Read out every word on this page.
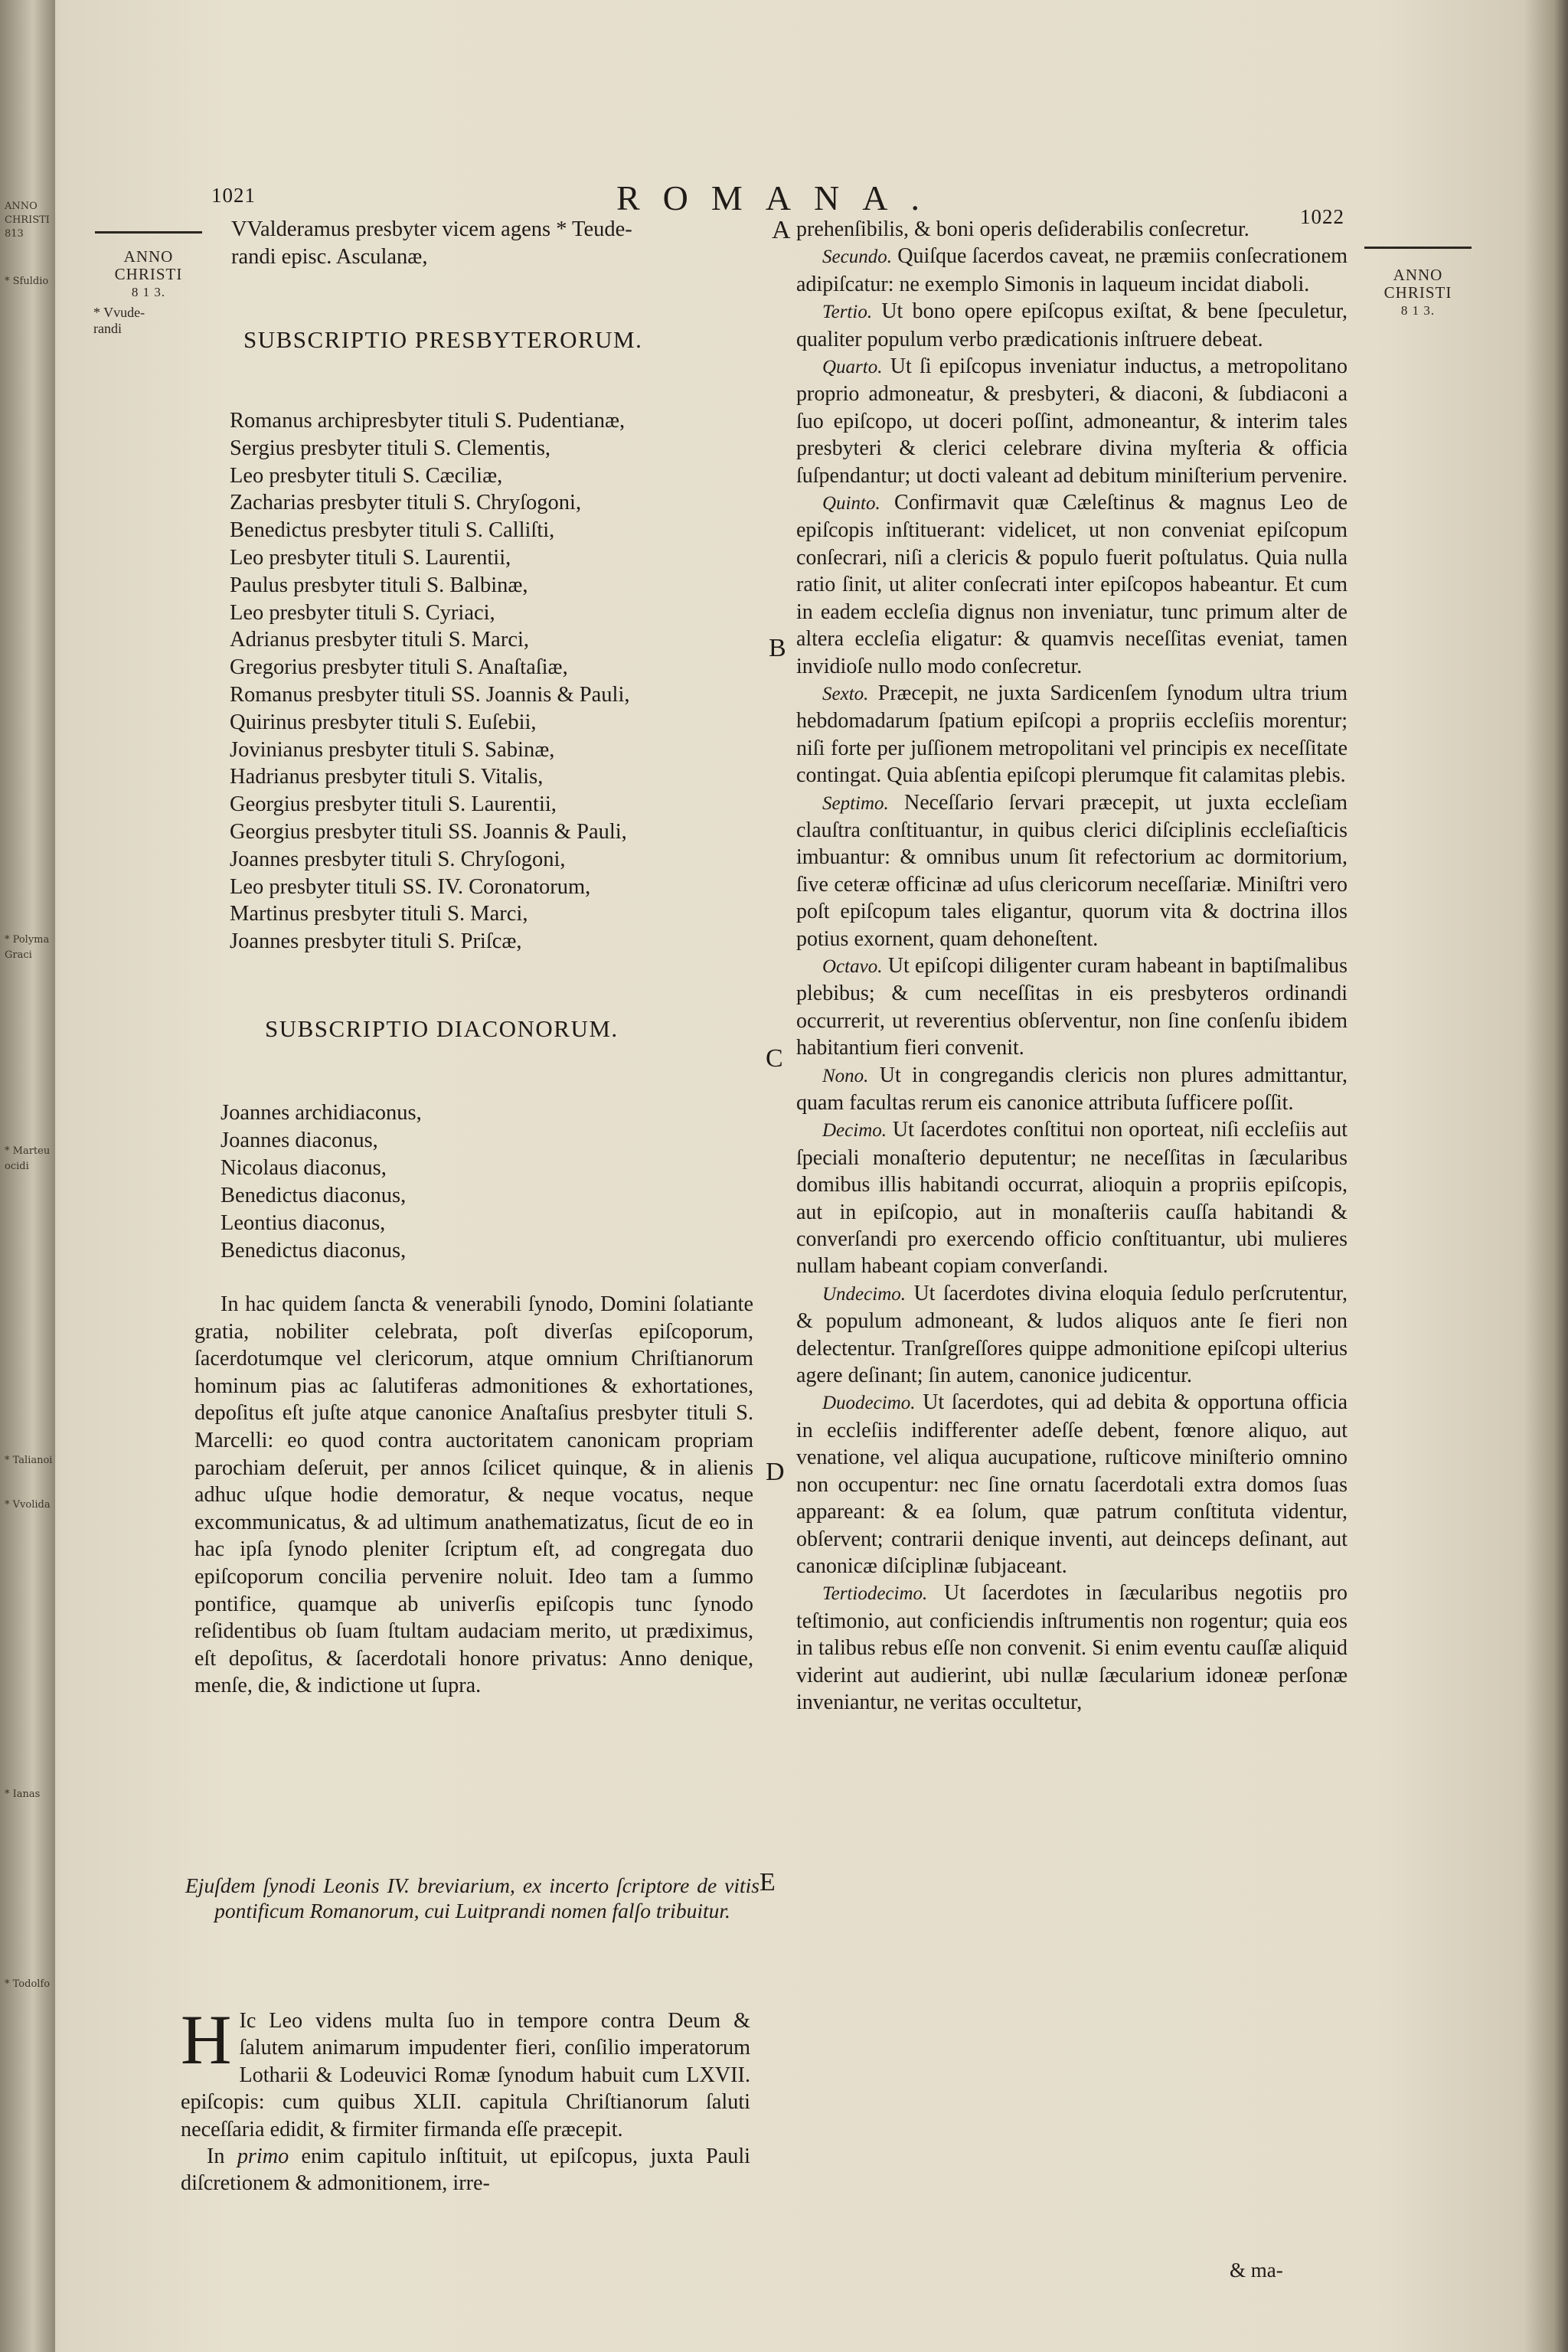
ANNO
CHRISTI
813
* Sfuldio
* Polyma
Graci
* Marteu
ocidi
* Talianoi
* Vvolida
* Ianas
* Todolfo
1021	ROMANA.	1022
ANNO
CHRISTI
8 1 3.
* Vvude-
randi
ANNO
CHRISTI
8 1 3.
VValderamus presbyter vicem agens * Teude-
randi episc. Asculanæ,
SUBSCRIPTIO PRESBYTERORUM.
Romanus archipresbyter tituli S. Pudentianæ,
Sergius presbyter tituli S. Clementis,
Leo presbyter tituli S. Cæciliæ,
Zacharias presbyter tituli S. Chryſogoni,
Benedictus presbyter tituli S. Calliſti,
Leo presbyter tituli S. Laurentii,
Paulus presbyter tituli S. Balbinæ,
Leo presbyter tituli S. Cyriaci,
Adrianus presbyter tituli S. Marci,
Gregorius presbyter tituli S. Anaſtaſiæ,
Romanus presbyter tituli SS. Joannis & Pauli,
Quirinus presbyter tituli S. Euſebii,
Jovinianus presbyter tituli S. Sabinæ,
Hadrianus presbyter tituli S. Vitalis,
Georgius presbyter tituli S. Laurentii,
Georgius presbyter tituli SS. Joannis & Pauli,
Joannes presbyter tituli S. Chryſogoni,
Leo presbyter tituli SS. IV. Coronatorum,
Martinus presbyter tituli S. Marci,
Joannes presbyter tituli S. Priſcæ,
SUBSCRIPTIO DIACONORUM.
Joannes archidiaconus,
Joannes diaconus,
Nicolaus diaconus,
Benedictus diaconus,
Leontius diaconus,
Benedictus diaconus,

In hac quidem ſancta & venerabili ſynodo, Domini ſolatiante gratia, nobiliter celebrata, poſt diverſas epiſcoporum, ſacerdotumque vel clericorum, atque omnium Chriſtianorum hominum pias ac ſalutiferas admonitiones & exhortationes, depoſitus eſt juſte atque canonice Anaſtaſius presbyter tituli S. Marcelli: eo quod contra auctoritatem canonicam propriam parochiam deſeruit, per annos ſcilicet quinque, & in alienis adhuc uſque hodie demoratur, & neque vocatus, neque excommunicatus, & ad ultimum anathematizatus, ſicut de eo in hac ipſa ſynodo pleniter ſcriptum eſt, ad congregata duo epiſcoporum concilia pervenire noluit. Ideo tam a ſummo pontifice, quamque ab univerſis epiſcopis tunc ſynodo reſidentibus ob ſuam ſtultam audaciam merito, ut prædiximus, eſt depoſitus, & ſacerdotali honore privatus: Anno denique, menſe, die, & indictione ut ſupra.

Ejuſdem ſynodi Leonis IV. breviarium, ex incerto ſcriptore de vitis pontificum Romanorum, cui Luitprandi nomen falſo tribuitur.

H Ic Leo videns multa ſuo in tempore contra Deum & ſalutem animarum impudenter fieri, conſilio imperatorum Lotharii & Lodeuvici Romæ ſynodum habuit cum LXVII. epiſcopis: cum quibus XLII. capitula Chriſtianorum ſaluti neceſſaria edidit, & firmiter firmanda eſſe præcepit.

In primo enim capitulo inſtituit, ut epiſcopus, juxta Pauli diſcretionem & admonitionem, irre-

A
B
C
D
E

prehenſibilis, & boni operis deſiderabilis conſecretur.

Secundo. Quiſque ſacerdos caveat, ne præmiis conſecrationem adipiſcatur: ne exemplo Simonis in laqueum incidat diaboli.

Tertio. Ut bono opere epiſcopus exiſtat, & bene ſpeculetur, qualiter populum verbo prædicationis inſtruere debeat.

Quarto. Ut ſi epiſcopus inveniatur inductus, a metropolitano proprio admoneatur, & presbyteri, & diaconi, & ſubdiaconi a ſuo epiſcopo, ut doceri poſſint, admoneantur, & interim tales presbyteri & clerici celebrare divina myſteria & officia ſuſpendantur; ut docti valeant ad debitum miniſterium pervenire.

Quinto. Confirmavit quæ Cæleſtinus & magnus Leo de epiſcopis inſtituerant: videlicet, ut non conveniat epiſcopum conſecrari, niſi a clericis & populo fuerit poſtulatus. Quia nulla ratio ſinit, ut aliter conſecrati inter epiſcopos habeantur. Et cum in eadem eccleſia dignus non inveniatur, tunc primum alter de altera eccleſia eligatur: & quamvis neceſſitas eveniat, tamen invidioſe nullo modo conſecretur.

Sexto. Præcepit, ne juxta Sardicenſem ſynodum ultra trium hebdomadarum ſpatium epiſcopi a propriis eccleſiis morentur; niſi forte per juſſionem metropolitani vel principis ex neceſſitate contingat. Quia abſentia epiſcopi plerumque fit calamitas plebis.

Septimo. Neceſſario ſervari præcepit, ut juxta eccleſiam clauſtra conſtituantur, in quibus clerici diſciplinis eccleſiaſticis imbuantur: & omnibus unum ſit refectorium ac dormitorium, ſive ceteræ officinæ ad uſus clericorum neceſſariæ. Miniſtri vero poſt epiſcopum tales eligantur, quorum vita & doctrina illos potius exornent, quam dehoneſtent.

Octavo. Ut epiſcopi diligenter curam habeant in baptiſmalibus plebibus; & cum neceſſitas in eis presbyteros ordinandi occurrerit, ut reverentius obſerventur, non ſine conſenſu ibidem habitantium fieri convenit.

Nono. Ut in congregandis clericis non plures admittantur, quam facultas rerum eis canonice attributa ſufficere poſſit.

Decimo. Ut ſacerdotes conſtitui non oporteat, niſi eccleſiis aut ſpeciali monaſterio deputentur; ne neceſſitas in ſæcularibus domibus illis habitandi occurrat, alioquin a propriis epiſcopis, aut in epiſcopio, aut in monaſteriis cauſſa habitandi & converſandi pro exercendo officio conſtituantur, ubi mulieres nullam habeant copiam converſandi.

Undecimo. Ut ſacerdotes divina eloquia ſedulo perſcrutentur, & populum admoneant, & ludos aliquos ante ſe fieri non delectentur. Tranſgreſſores quippe admonitione epiſcopi ulterius agere deſinant; ſin autem, canonice judicentur.

Duodecimo. Ut ſacerdotes, qui ad debita & opportuna officia in eccleſiis indifferenter adeſſe debent, fœnore aliquo, aut venatione, vel aliqua aucupatione, ruſticove miniſterio omnino non occupentur: nec ſine ornatu ſacerdotali extra domos ſuas appareant: & ea ſolum, quæ patrum conſtituta videntur, obſervent; contrarii denique inventi, aut deinceps deſinant, aut canonicæ diſciplinæ ſubjaceant.

Tertiodecimo. Ut ſacerdotes in ſæcularibus negotiis pro teſtimonio, aut conficiendis inſtrumentis non rogentur; quia eos in talibus rebus eſſe non convenit. Si enim eventu cauſſæ aliquid viderint aut audierint, ubi nullæ ſæcularium idoneæ perſonæ inveniantur, ne veritas occultetur,

& ma-
